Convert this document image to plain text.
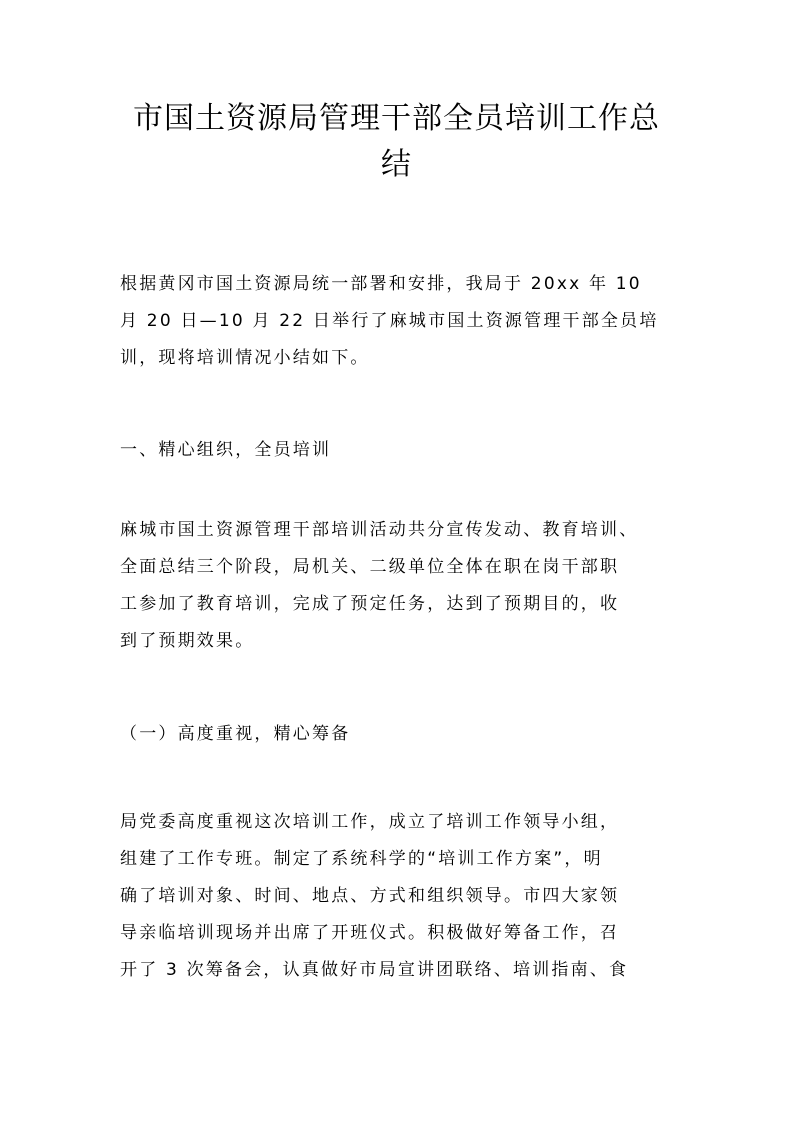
市国土资源局管理干部全员培训工作总
结

根据黄冈市国土资源局统一部署和安排，我局于 20xx 年 10
月 20 日—10 月 22 日举行了麻城市国土资源管理干部全员培
训，现将培训情况小结如下。

一、精心组织，全员培训

麻城市国土资源管理干部培训活动共分宣传发动、教育培训、
全面总结三个阶段，局机关、二级单位全体在职在岗干部职
工参加了教育培训，完成了预定任务，达到了预期目的，收
到了预期效果。

（一）高度重视，精心筹备

局党委高度重视这次培训工作，成立了培训工作领导小组，
组建了工作专班。制定了系统科学的“培训工作方案”，明
确了培训对象、时间、地点、方式和组织领导。市四大家领
导亲临培训现场并出席了开班仪式。积极做好筹备工作，召
开了 3 次筹备会，认真做好市局宣讲团联络、培训指南、食
